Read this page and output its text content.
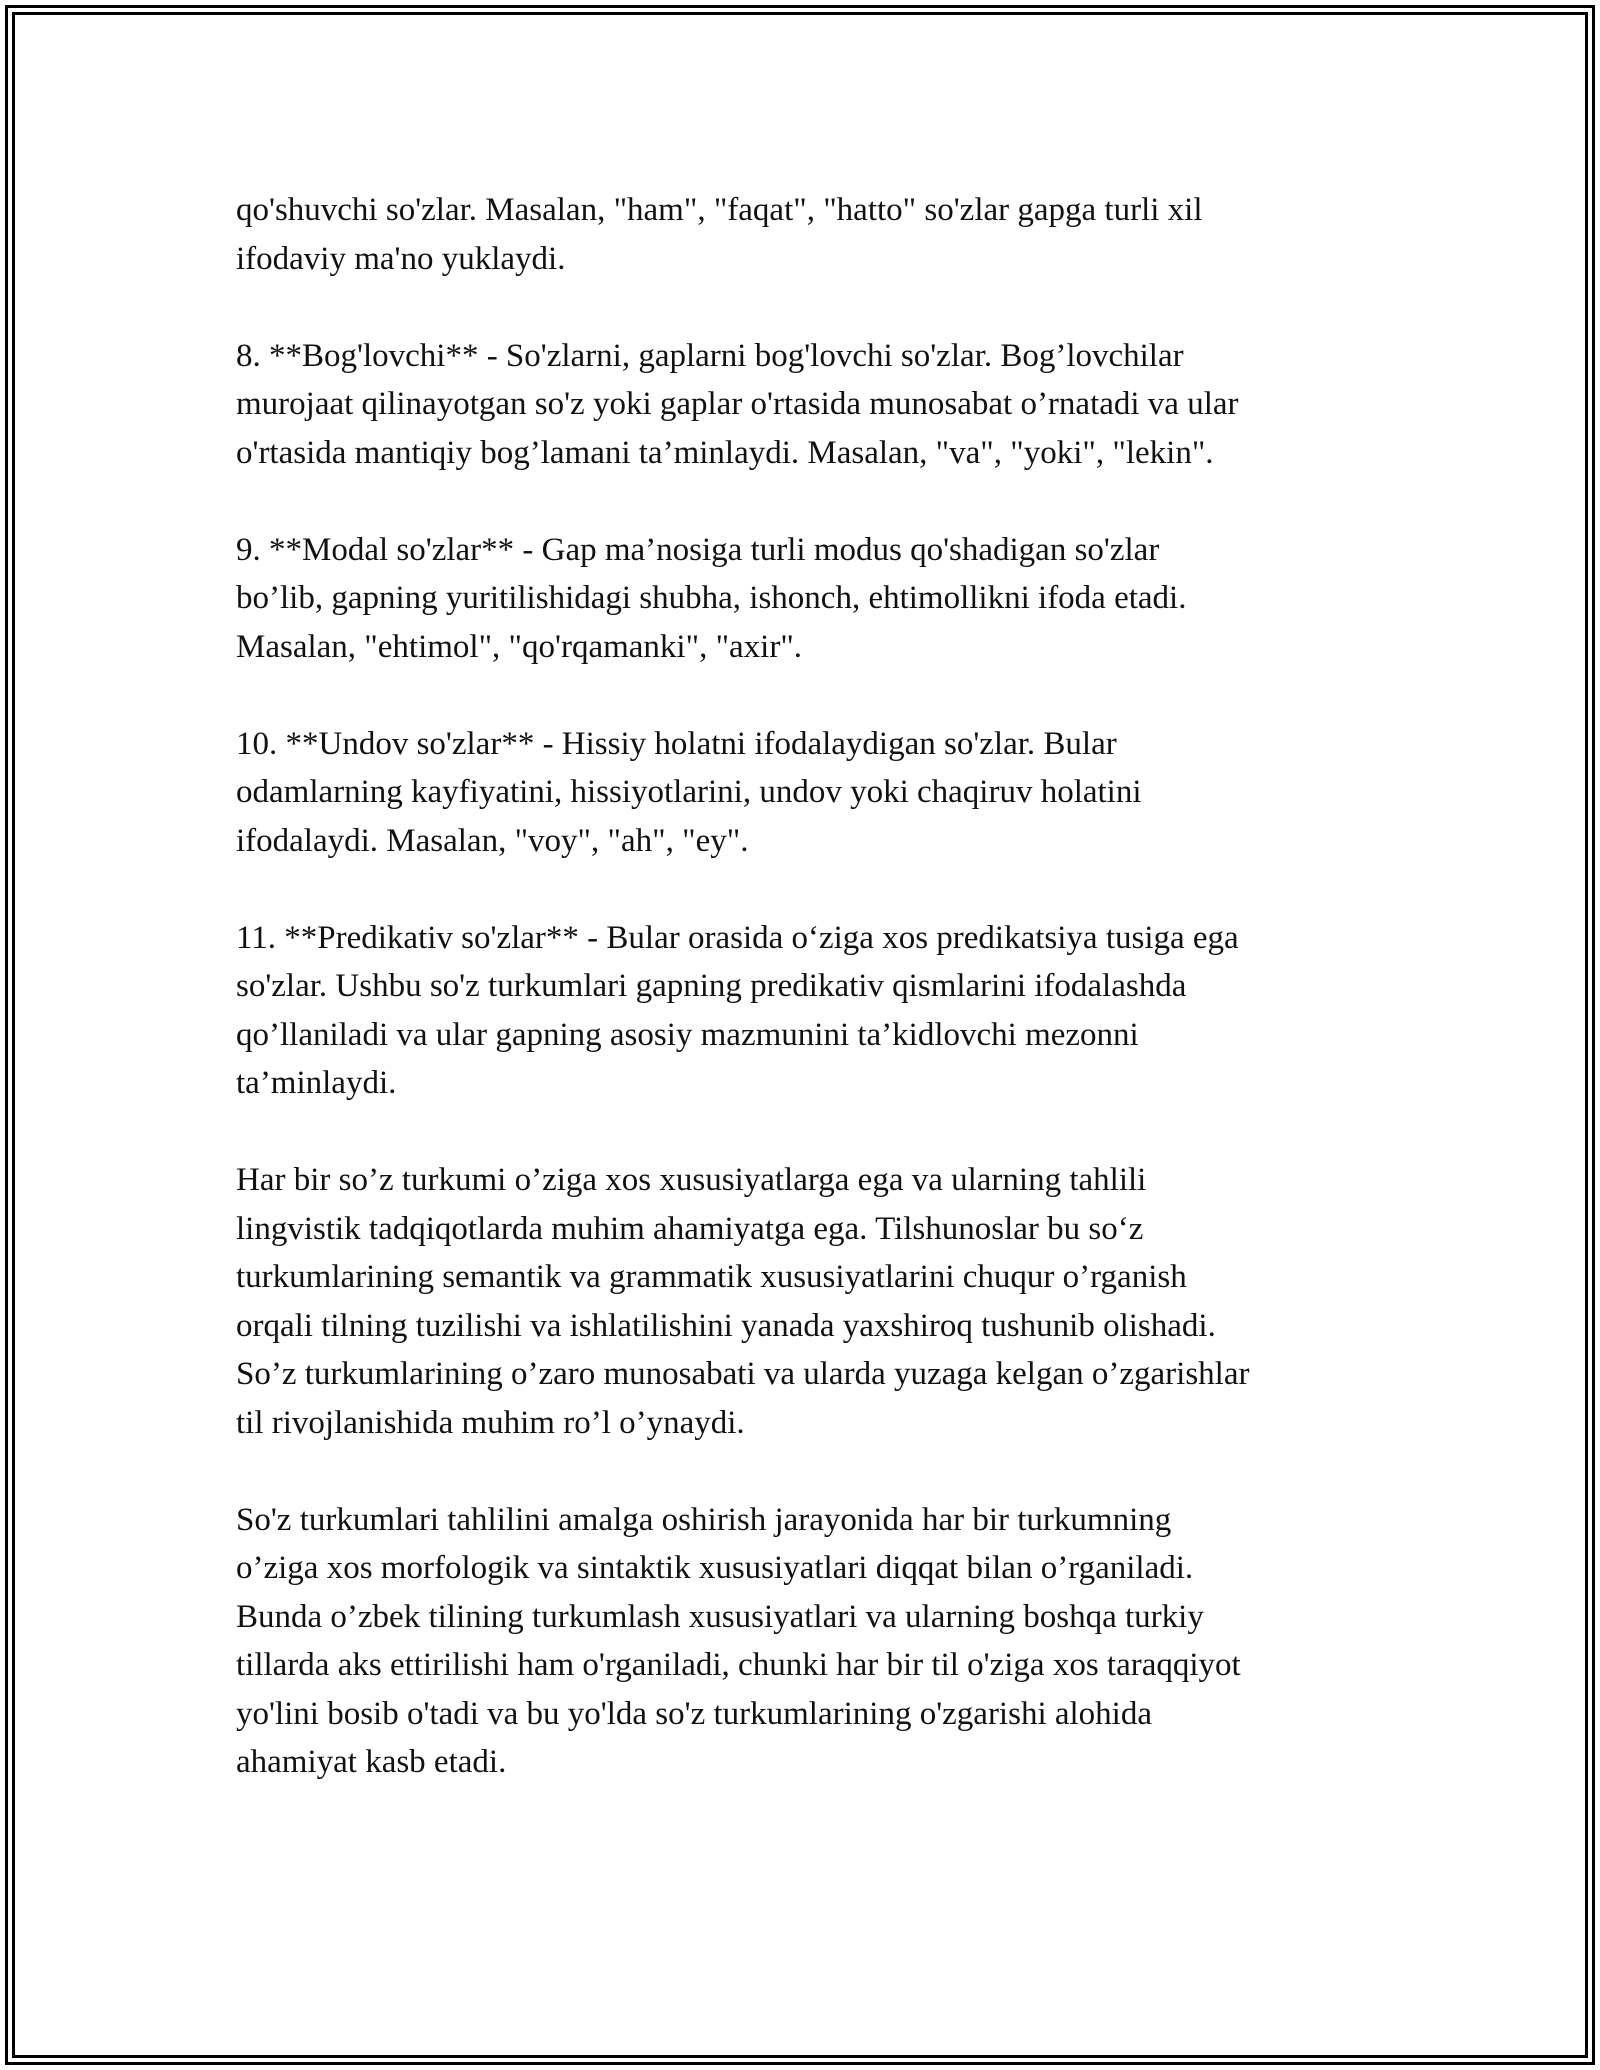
qo'shuvchi so'zlar. Masalan, "ham", "faqat", "hatto" so'zlar gapga turli xil
ifodaviy ma'no yuklaydi.

8. **Bog'lovchi** - So'zlarni, gaplarni bog'lovchi so'zlar. Bog’lovchilar
murojaat qilinayotgan so'z yoki gaplar o'rtasida munosabat o’rnatadi va ular
o'rtasida mantiqiy bog’lamani ta’minlaydi. Masalan, "va", "yoki", "lekin".

9. **Modal so'zlar** - Gap ma’nosiga turli modus qo'shadigan so'zlar
bo’lib, gapning yuritilishidagi shubha, ishonch, ehtimollikni ifoda etadi.
Masalan, "ehtimol", "qo'rqamanki", "axir".

10. **Undov so'zlar** - Hissiy holatni ifodalaydigan so'zlar. Bular
odamlarning kayfiyatini, hissiyotlarini, undov yoki chaqiruv holatini
ifodalaydi. Masalan, "voy", "ah", "ey".

11. **Predikativ so'zlar** - Bular orasida o‘ziga xos predikatsiya tusiga ega
so'zlar. Ushbu so'z turkumlari gapning predikativ qismlarini ifodalashda
qo’llaniladi va ular gapning asosiy mazmunini ta’kidlovchi mezonni
ta’minlaydi.

Har bir so’z turkumi o’ziga xos xususiyatlarga ega va ularning tahlili
lingvistik tadqiqotlarda muhim ahamiyatga ega. Tilshunoslar bu so‘z
turkumlarining semantik va grammatik xususiyatlarini chuqur o’rganish
orqali tilning tuzilishi va ishlatilishini yanada yaxshiroq tushunib olishadi.
So’z turkumlarining o’zaro munosabati va ularda yuzaga kelgan o’zgarishlar
til rivojlanishida muhim ro’l o’ynaydi.

So'z turkumlari tahlilini amalga oshirish jarayonida har bir turkumning
o’ziga xos morfologik va sintaktik xususiyatlari diqqat bilan o’rganiladi.
Bunda o’zbek tilining turkumlash xususiyatlari va ularning boshqa turkiy
tillarda aks ettirilishi ham o'rganiladi, chunki har bir til o'ziga xos taraqqiyot
yo'lini bosib o'tadi va bu yo'lda so'z turkumlarining o'zgarishi alohida
ahamiyat kasb etadi.
